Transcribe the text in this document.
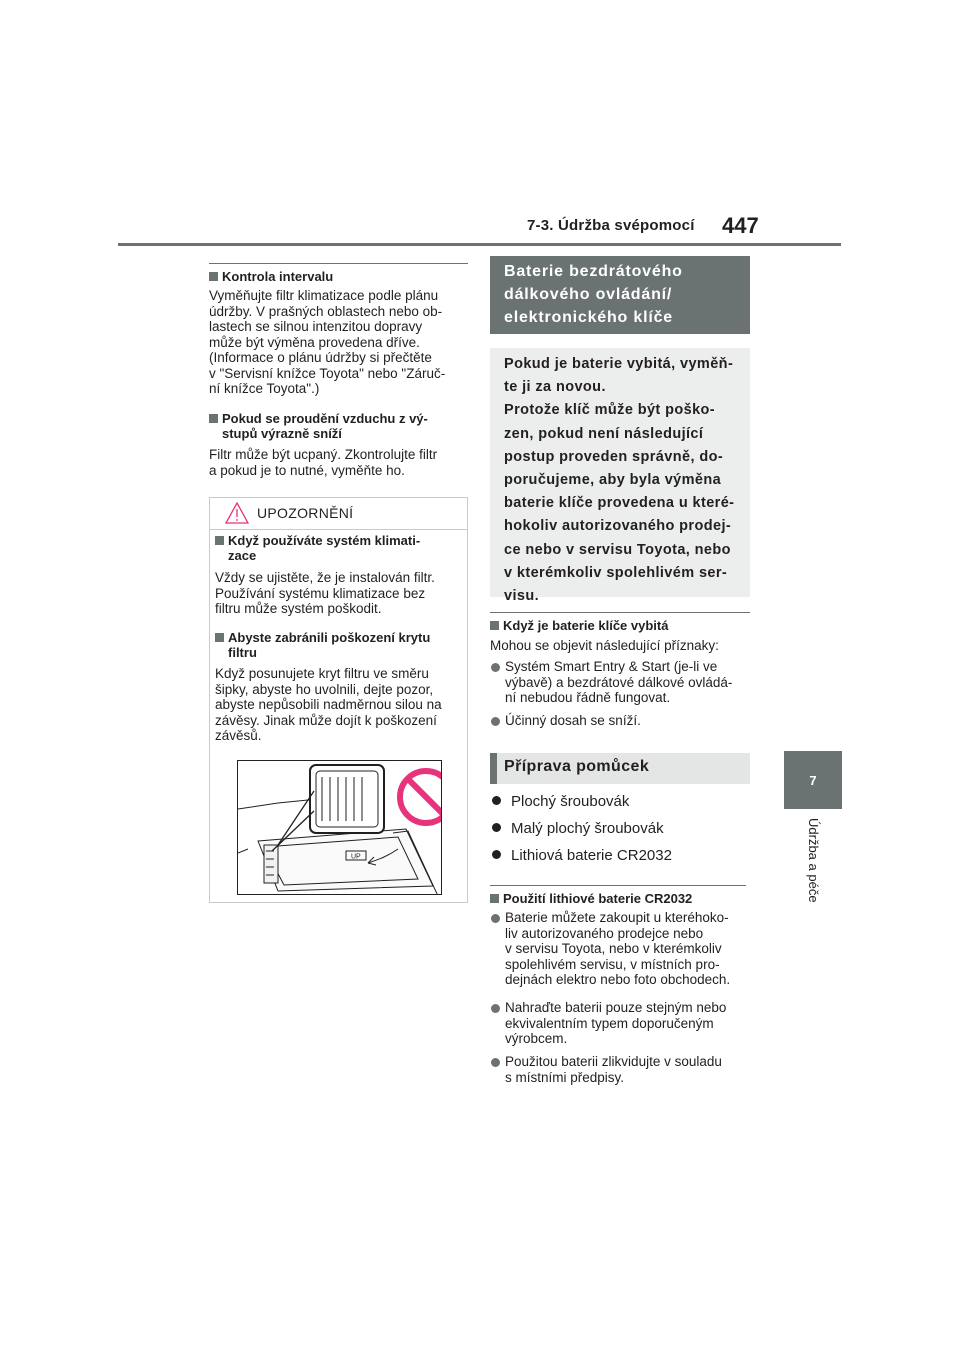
7-3. Údržba svépomocí	447
7
Údržba a péče
Kontrola intervalu
Vyměňujte filtr klimatizace podle plánu
údržby. V prašných oblastech nebo ob-
lastech se silnou intenzitou dopravy
může být výměna provedena dříve.
(Informace o plánu údržby si přečtěte
v "Servisní knížce Toyota" nebo "Záruč-
ní knížce Toyota".)
Pokud se proudění vzduchu z vý-
stupů výrazně sníží
Filtr může být ucpaný. Zkontrolujte filtr
a pokud je to nutné, vyměňte ho.
UPOZORNĚNÍ
Když používáte systém klimati-
zace
Vždy se ujistěte, že je instalován filtr.
Používání systému klimatizace bez
filtru může systém poškodit.
Abyste zabránili poškození krytu
filtru
Když posunujete kryt filtru ve směru
šipky, abyste ho uvolnili, dejte pozor,
abyste nepůsobili nadměrnou silou na
závěsy. Jinak může dojít k poškození
závěsů.
UP
Baterie bezdrátového
dálkového ovládání/
elektronického klíče
Pokud je baterie vybitá, vyměň-
te ji za novou.
Protože klíč může být poško-
zen, pokud není následující
postup proveden správně, do-
poručujeme, aby byla výměna
baterie klíče provedena u které-
hokoliv autorizovaného prodej-
ce nebo v servisu Toyota, nebo
v kterémkoliv spolehlivém ser-
visu.
Když je baterie klíče vybitá
Mohou se objevit následující příznaky:
Systém Smart Entry & Start (je-li ve
výbavě) a bezdrátové dálkové ovládá-
ní nebudou řádně fungovat.
Účinný dosah se sníží.
Příprava pomůcek
Plochý šroubovák
Malý plochý šroubovák
Lithiová baterie CR2032
Použití lithiové baterie CR2032
Baterie můžete zakoupit u kteréhoko-
liv autorizovaného prodejce nebo
v servisu Toyota, nebo v kterémkoliv
spolehlivém servisu, v místních pro-
dejnách elektro nebo foto obchodech.
Nahraďte baterii pouze stejným nebo
ekvivalentním typem doporučeným
výrobcem.
Použitou baterii zlikvidujte v souladu
s místními předpisy.
